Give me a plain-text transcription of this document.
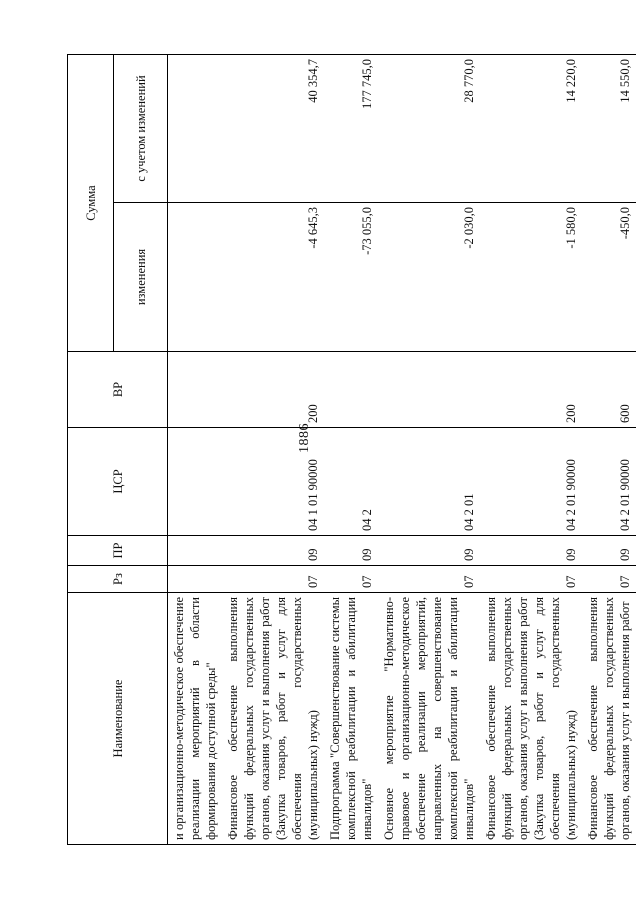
1886
Наименование	Рз	ПР	ЦСР	ВР	Сумма	
					изменения	с учетом изменений
и организационно-методическое обеспечение реализации мероприятий в области формирования доступной среды"						
Финансовое обеспечение выполнения функций федеральных государственных органов, оказания услуг и выполнения работ (Закупка товаров, работ и услуг для обеспечения государственных (муниципальных) нужд)	07	09	04 1 01 90000	200	-4 645,3	40 354,7
Подпрограмма "Совершенствование системы комплексной реабилитации и абилитации инвалидов"	07	09	04 2		-73 055,0	177 745,0
Основное мероприятие "Нормативно-правовое и организационно-методическое обеспечение реализации мероприятий, направленных на совершенствование комплексной реабилитации и абилитации инвалидов"	07	09	04 2 01		-2 030,0	28 770,0
Финансовое обеспечение выполнения функций федеральных государственных органов, оказания услуг и выполнения работ (Закупка товаров, работ и услуг для обеспечения государственных (муниципальных) нужд)	07	09	04 2 01 90000	200	-1 580,0	14 220,0
Финансовое обеспечение выполнения функций федеральных государственных органов, оказания услуг и выполнения работ	07	09	04 2 01 90000	600	-450,0	14 550,0
